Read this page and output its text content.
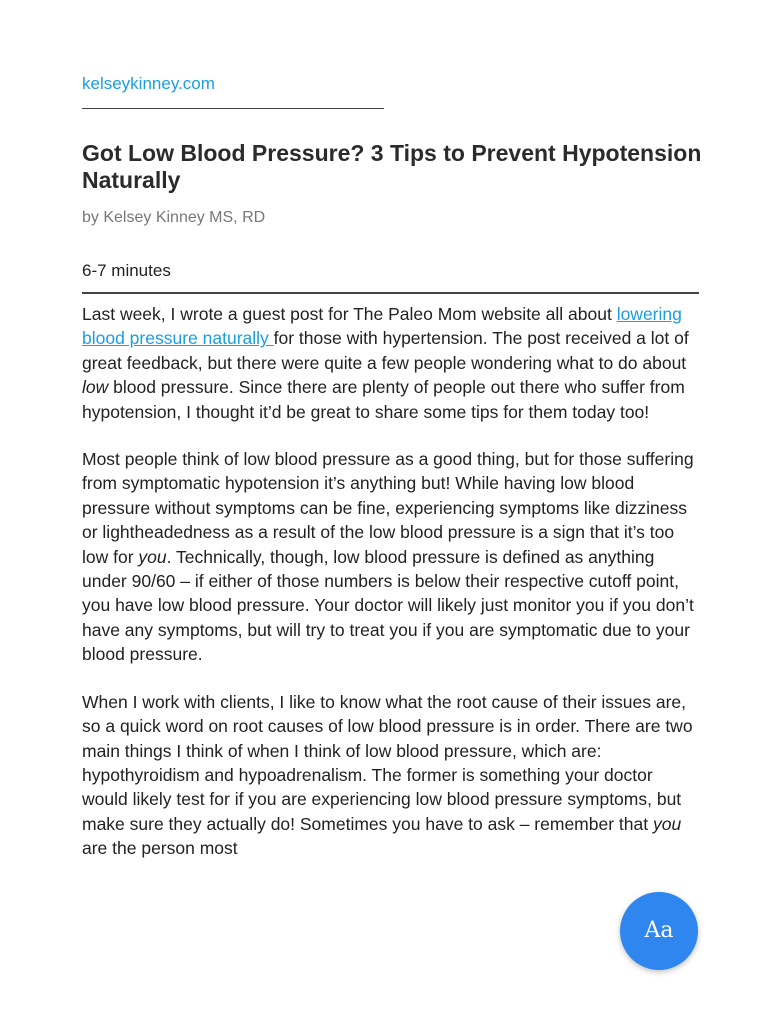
kelseykinney.com
Got Low Blood Pressure? 3 Tips to Prevent Hypotension Naturally
by Kelsey Kinney MS, RD
6-7 minutes

Last week, I wrote a guest post for The Paleo Mom website all about lowering blood pressure naturally for those with hypertension. The post received a lot of great feedback, but there were quite a few people wondering what to do about low blood pressure. Since there are plenty of people out there who suffer from hypotension, I thought it’d be great to share some tips for them today too!

Most people think of low blood pressure as a good thing, but for those suffering from symptomatic hypotension it’s anything but! While having low blood pressure without symptoms can be fine, experiencing symptoms like dizziness or lightheadedness as a result of the low blood pressure is a sign that it’s too low for you. Technically, though, low blood pressure is defined as anything under 90/60 – if either of those numbers is below their respective cutoff point, you have low blood pressure. Your doctor will likely just monitor you if you don’t have any symptoms, but will try to treat you if you are symptomatic due to your blood pressure.

When I work with clients, I like to know what the root cause of their issues are, so a quick word on root causes of low blood pressure is in order. There are two main things I think of when I think of low blood pressure, which are: hypothyroidism and hypoadrenalism. The former is something your doctor would likely test for if you are experiencing low blood pressure symptoms, but make sure they actually do! Sometimes you have to ask – remember that you are the person most

Aa
